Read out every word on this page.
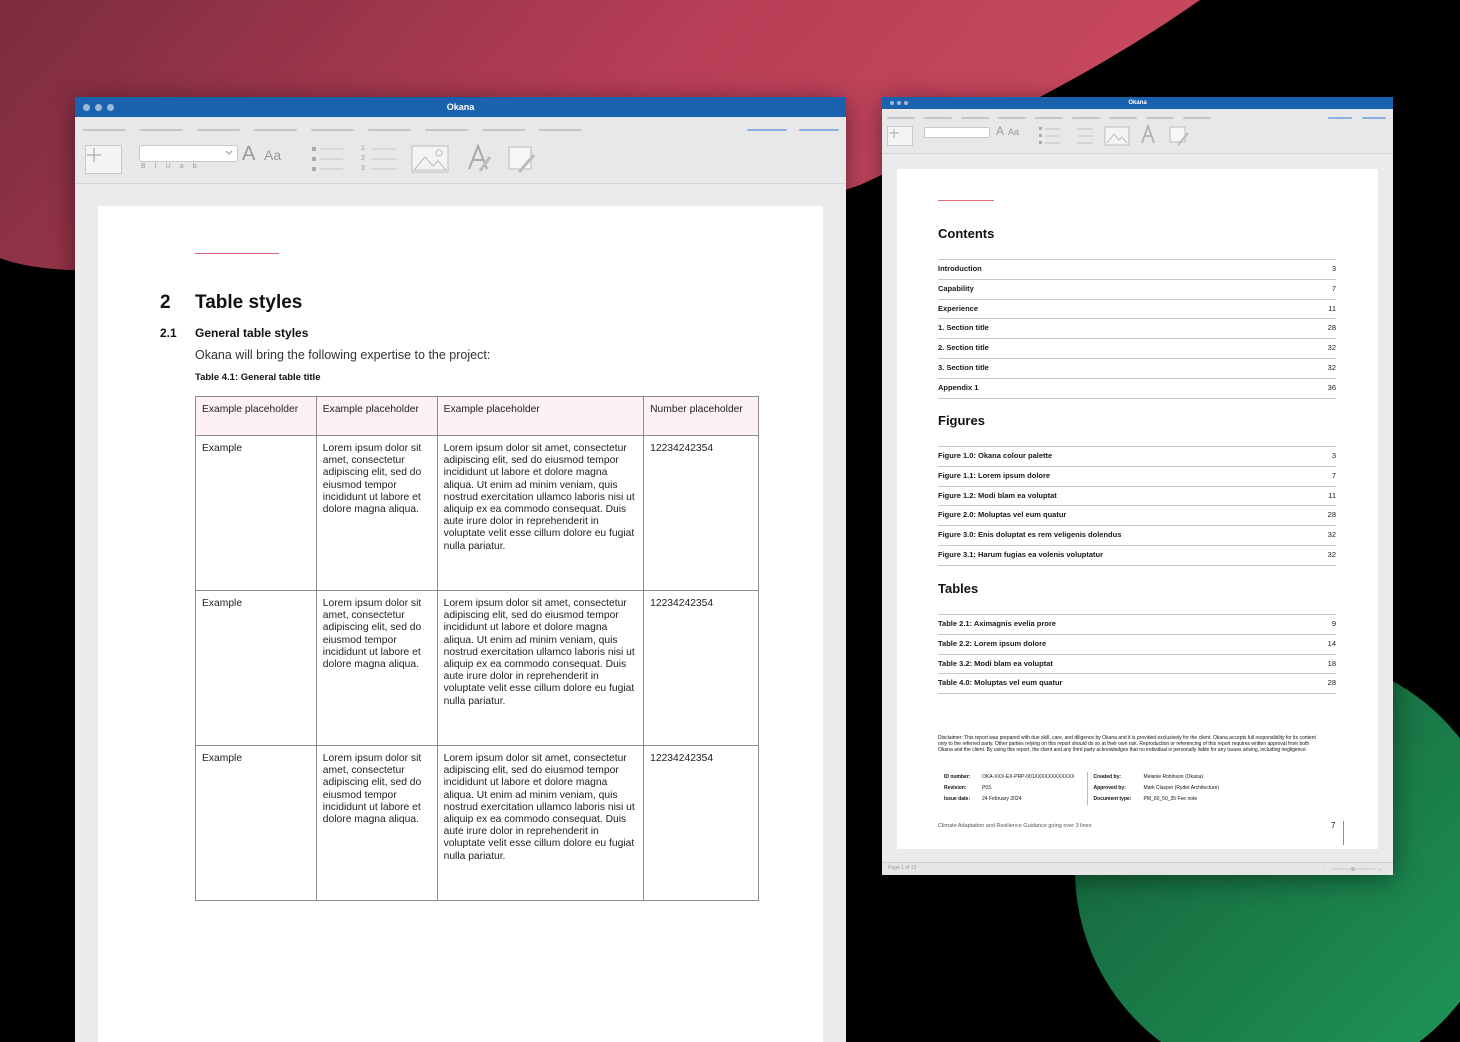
Okana
BIUab
A Aa	1
2
3
2 Table styles
2.1 General table styles
Okana will bring the following expertise to the project:
Table 4.1: General table title
Example placeholder	Example placeholder	Example placeholder	Number placeholder
Example	Lorem ipsum dolor sit amet, consectetur adipiscing elit, sed do eiusmod tempor incididunt ut labore et dolore magna aliqua.	Lorem ipsum dolor sit amet, consectetur adipiscing elit, sed do eiusmod tempor incididunt ut labore et dolore magna aliqua. Ut enim ad minim veniam, quis nostrud exercitation ullamco laboris nisi ut aliquip ex ea commodo consequat. Duis aute irure dolor in reprehenderit in voluptate velit esse cillum dolore eu fugiat nulla pariatur.	12234242354
Example	Lorem ipsum dolor sit amet, consectetur adipiscing elit, sed do eiusmod tempor incididunt ut labore et dolore magna aliqua.	Lorem ipsum dolor sit amet, consectetur adipiscing elit, sed do eiusmod tempor incididunt ut labore et dolore magna aliqua. Ut enim ad minim veniam, quis nostrud exercitation ullamco laboris nisi ut aliquip ex ea commodo consequat. Duis aute irure dolor in reprehenderit in voluptate velit esse cillum dolore eu fugiat nulla pariatur.	12234242354
Example	Lorem ipsum dolor sit amet, consectetur adipiscing elit, sed do eiusmod tempor incididunt ut labore et dolore magna aliqua.	Lorem ipsum dolor sit amet, consectetur adipiscing elit, sed do eiusmod tempor incididunt ut labore et dolore magna aliqua. Ut enim ad minim veniam, quis nostrud exercitation ullamco laboris nisi ut aliquip ex ea commodo consequat. Duis aute irure dolor in reprehenderit in voluptate velit esse cillum dolore eu fugiat nulla pariatur.	12234242354
Okana
A Aa
Contents
Introduction	3
Capability	7
Experience	11
1. Section title	28
2. Section title	32
3. Section title	32
Appendix 1	36
Figures
Figure 1.0: Okana colour palette	3
Figure 1.1: Lorem ipsum dolore	7
Figure 1.2: Modi blam ea voluptat	11
Figure 2.0: Moluptas vel eum quatur	28
Figure 3.0: Enis doluptat es rem veligenis dolendus	32
Figure 3.1: Harum fugias ea volenis voluptatur	32
Tables
Table 2.1: Aximagnis evelia prore	9
Table 2.2: Lorem ipsum dolore	14
Table 3.2: Modi blam ea voluptat	18
Table 4.0: Moluptas vel eum quatur	28
Disclaimer: This report was prepared with due skill, care, and diligence by Okana and it is provided exclusively for the client. Okana accepts full responsibility for its content only to the referred party. Other parties relying on this report should do so at their own risk. Reproduction or referencing of this report requires written approval from both Okana and the client. By using this report, the client and any third party acknowledges that no individual is personally liable for any issues arising, including negligence.
ID number:	OKA-XXX-EX-PRP-001XXXXXXXXXXXX
Revision:	P03.
Issue date:	24 February 2024
Created by:	Melanie Robinson (Okana)
Approved by:	Mark Clasper (Ryder Architecture)
Document type:	PM_60_50_35 Fee note
Climate Adaptation and Resilience Guidance going over 3 lines	7
Page 1 of 13	–	+
